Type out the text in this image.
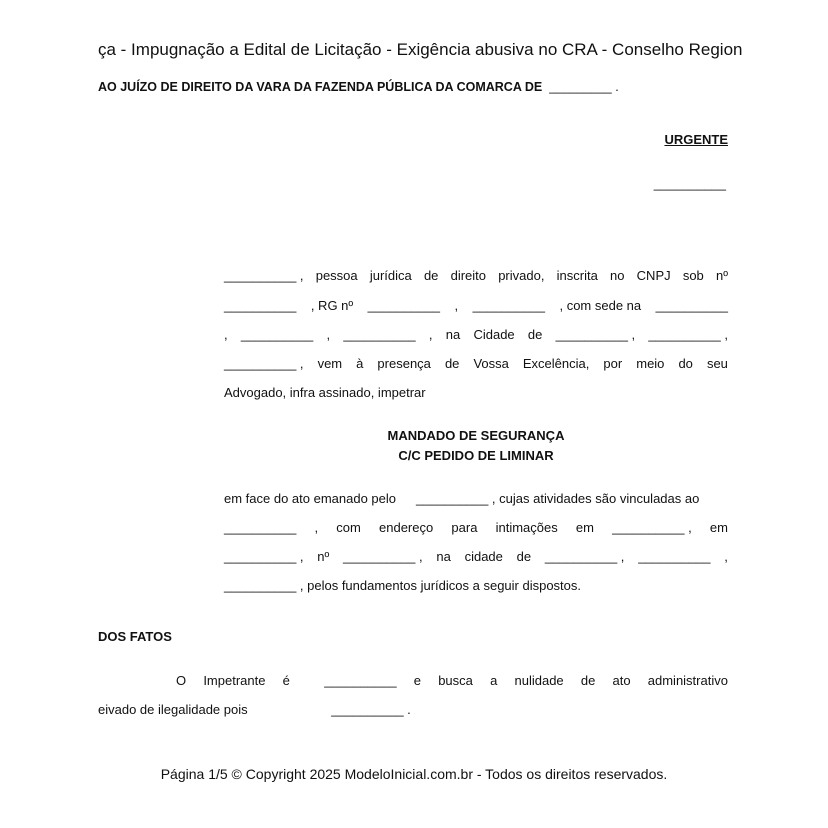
ça - Impugnação a Edital de Licitação - Exigência abusiva no CRA - Conselho Region
AO JUÍZO DE DIREITO DA VARA DA FAZENDA PÚBLICA DA COMARCA DE _________ .
URGENTE
__________
__________ , pessoa jurídica de direito privado, inscrita no CNPJ sob nº
__________ , RG nº __________ , __________ , com sede na __________
, __________ , __________ , na Cidade de __________ , __________ ,
__________ , vem à presença de Vossa Excelência, por meio do seu
Advogado, infra assinado, impetrar
MANDADO DE SEGURANÇA
C/C PEDIDO DE LIMINAR
em face do ato emanado pelo __________ , cujas atividades são vinculadas ao
__________ , com endereço para intimações em __________ , em
__________ , nº __________ , na cidade de __________ , __________ ,
__________ , pelos fundamentos jurídicos a seguir dispostos.
DOS FATOS
O Impetrante é	__________ e busca a nulidade de ato administrativo
eivado de ilegalidade pois	__________ .
Página 1/5 © Copyright 2025 ModeloInicial.com.br - Todos os direitos reservados.
